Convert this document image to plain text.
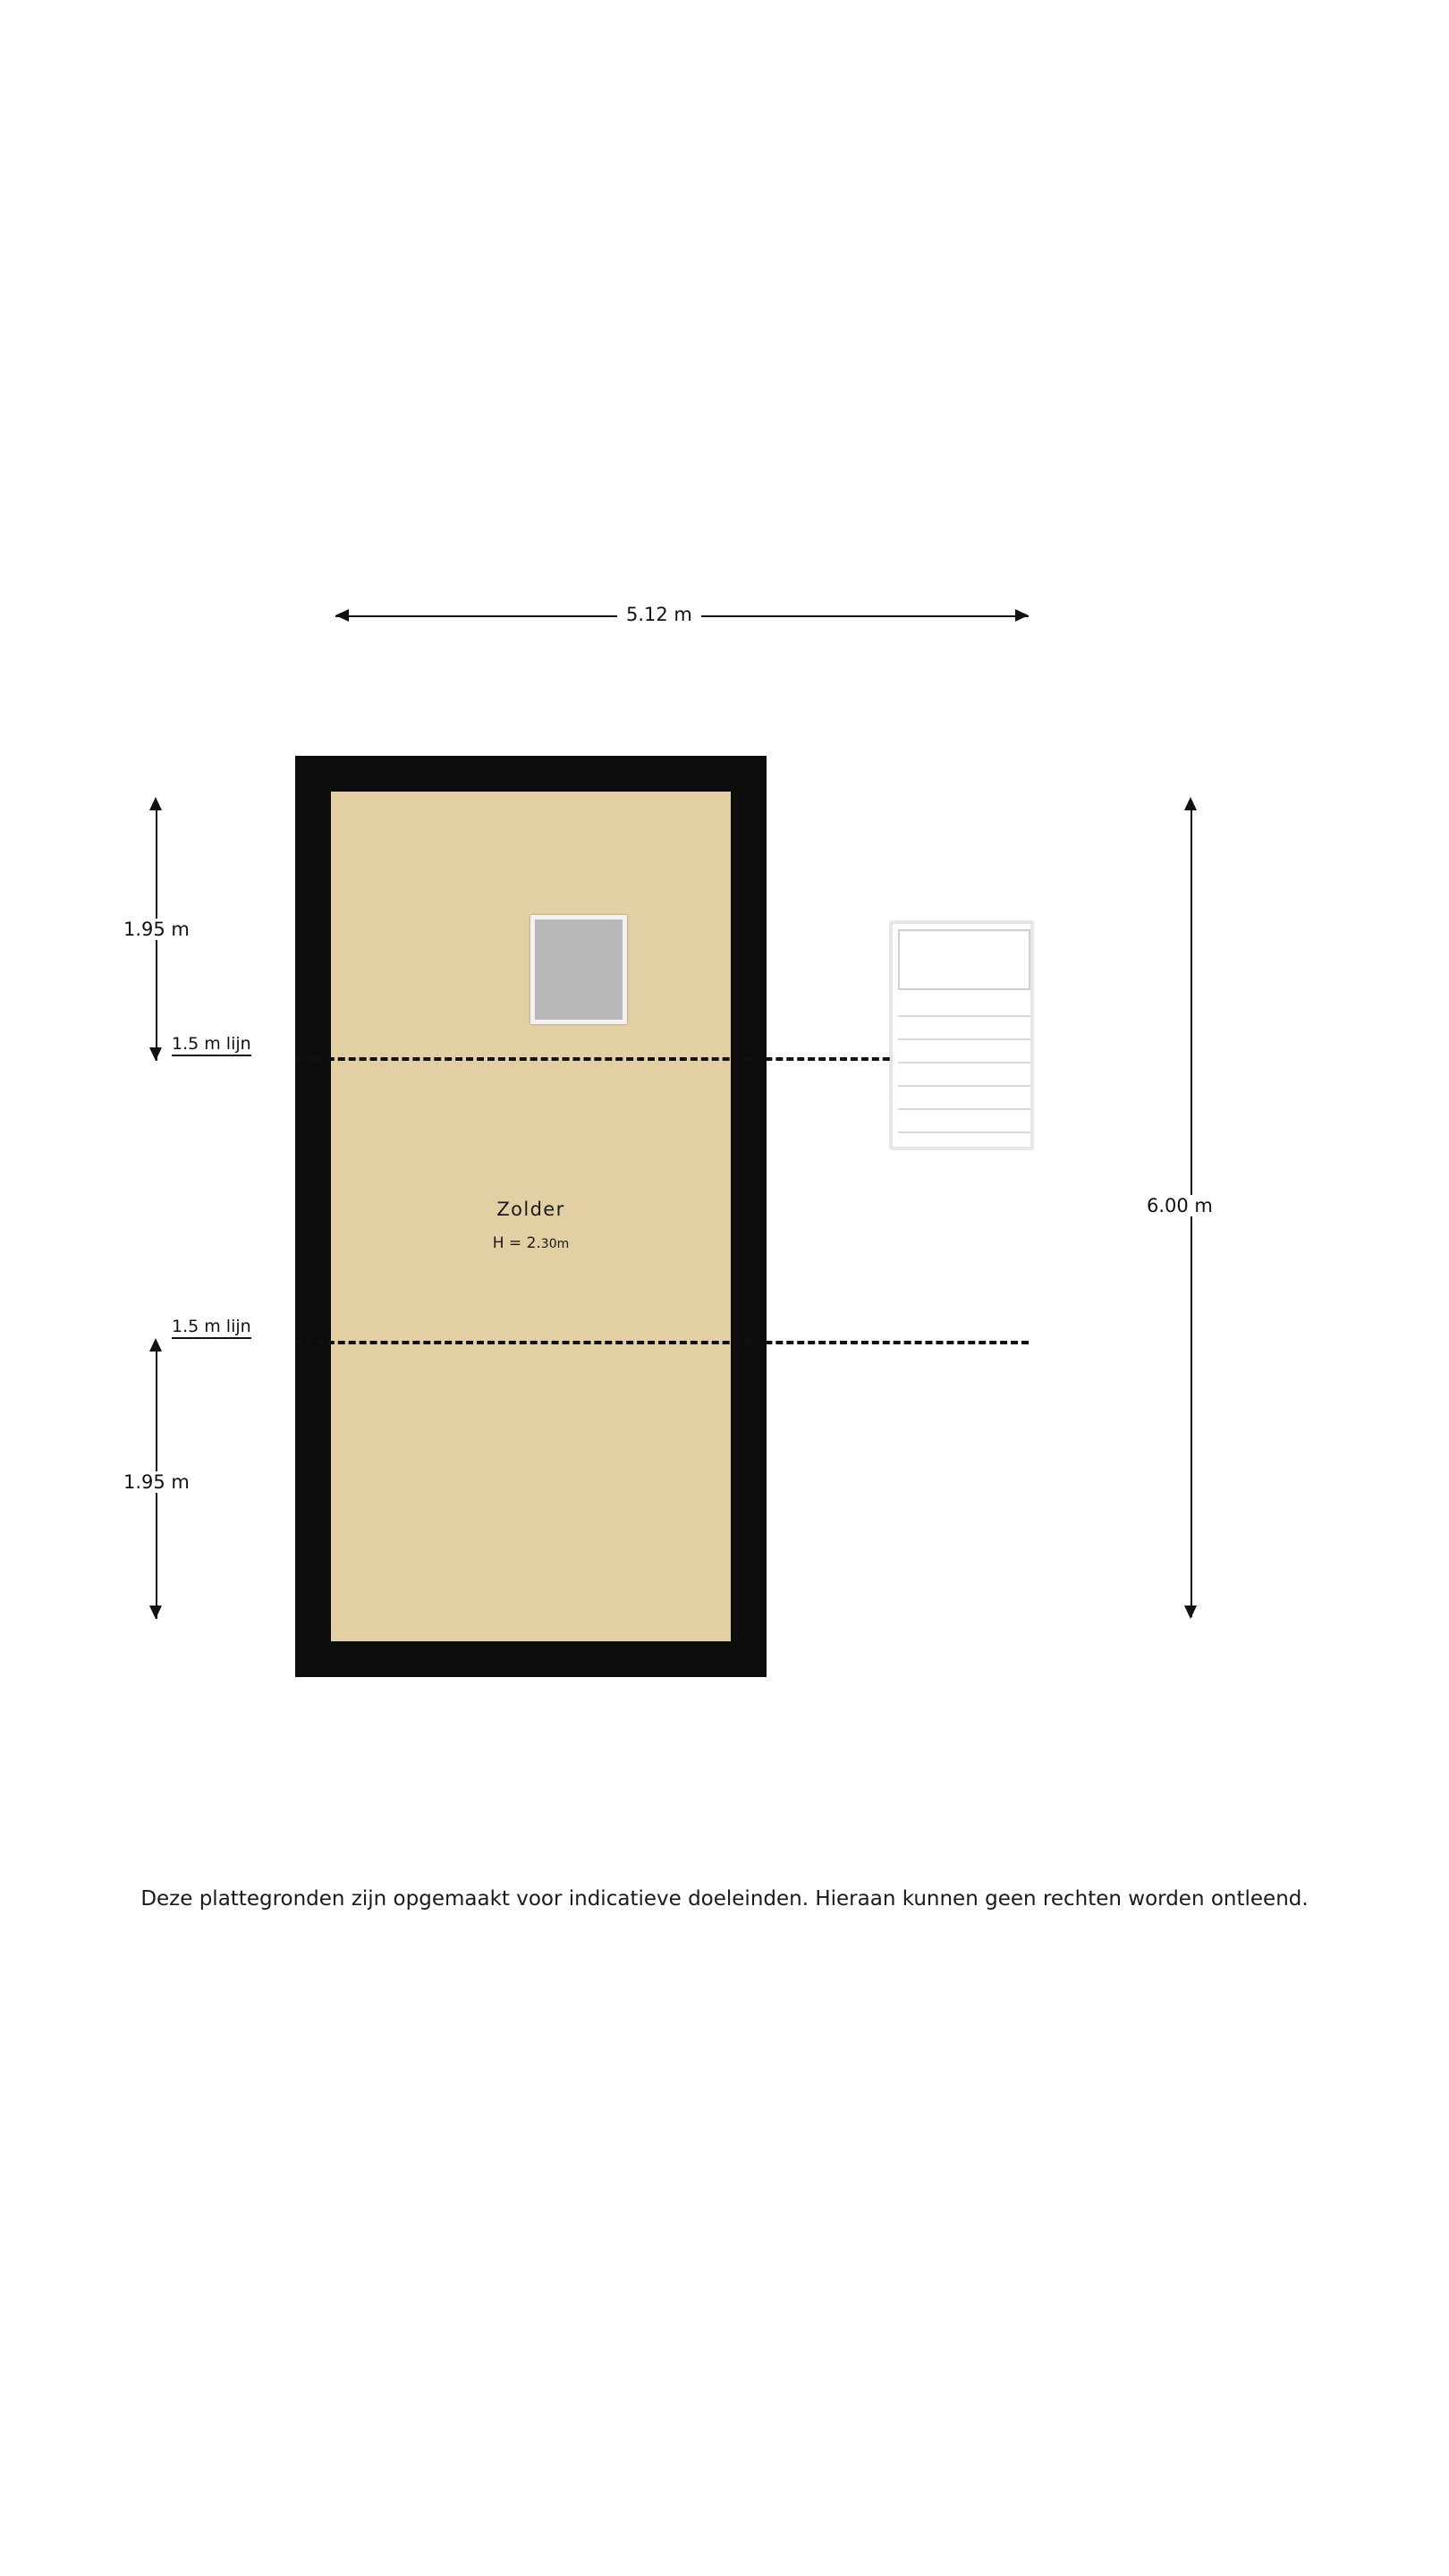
5.12 m
6.00 m
1.95 m
1.95 m
1.5 m lijn
1.5 m lijn
Zolder
H = 2.30m
Deze plattegronden zijn opgemaakt voor indicatieve doeleinden. Hieraan kunnen geen rechten worden ontleend.
